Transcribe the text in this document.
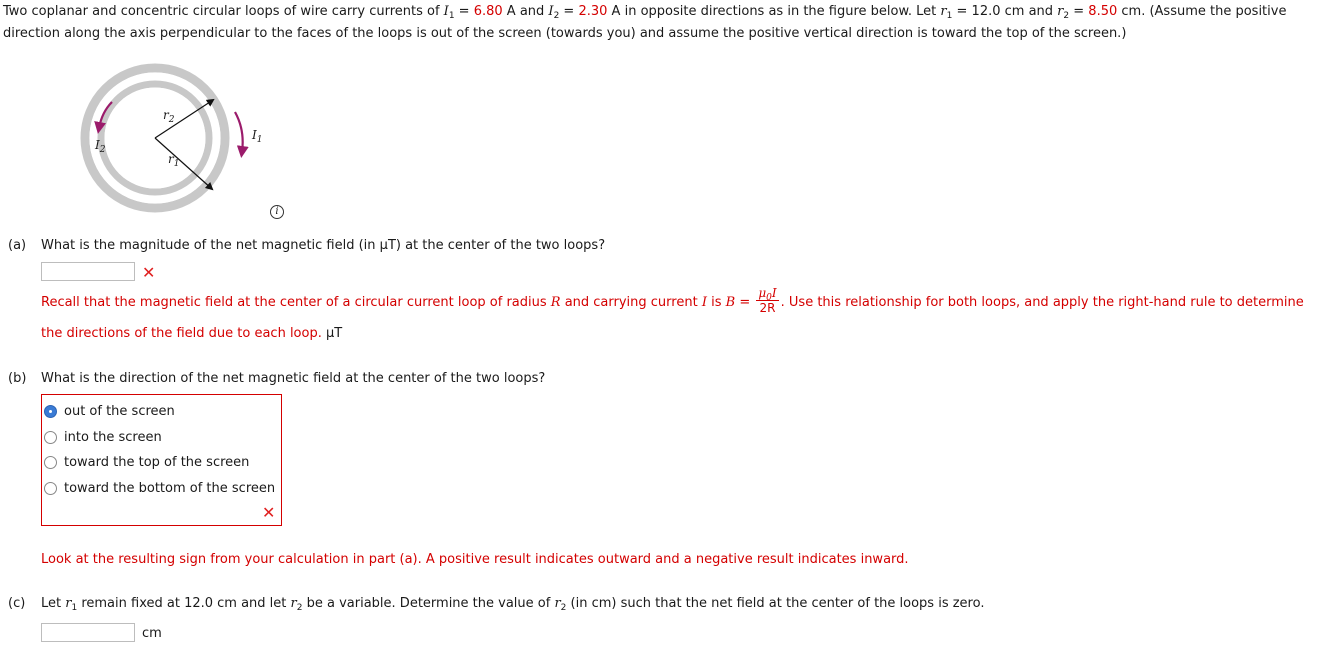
Two coplanar and concentric circular loops of wire carry currents of $I_1 = 6.80$ A and $I_2 = 2.30$ A in opposite directions as in the figure below. Let $r_1 = 12.0$ cm and $r_2 = 8.50$ cm. (Assume the positive direction along the axis perpendicular to the faces of the loops is out of the screen (towards you) and assume the positive vertical direction is toward the top of the screen.)
$r_2$
$r_1$
$I_1$
$I_2$
i
(a) What is the magnitude of the net magnetic field (in µT) at the center of the two loops?
✕
Recall that the magnetic field at the center of a circular current loop of radius R and carrying current I is $B = \frac{\mu_0I}{2R}$ . Use this relationship for both loops, and apply the right-hand rule to determine
the directions of the field due to each loop. µT
(b) What is the direction of the net magnetic field at the center of the two loops?
out of the screen
into the screen
toward the top of the screen
toward the bottom of the screen
✕
Look at the resulting sign from your calculation in part (a). A positive result indicates outward and a negative result indicates inward.
(c) Let $r_1$ remain fixed at 12.0 cm and let $r_2$ be a variable. Determine the value of $r_2$ (in cm) such that the net field at the center of the loops is zero.
cm
